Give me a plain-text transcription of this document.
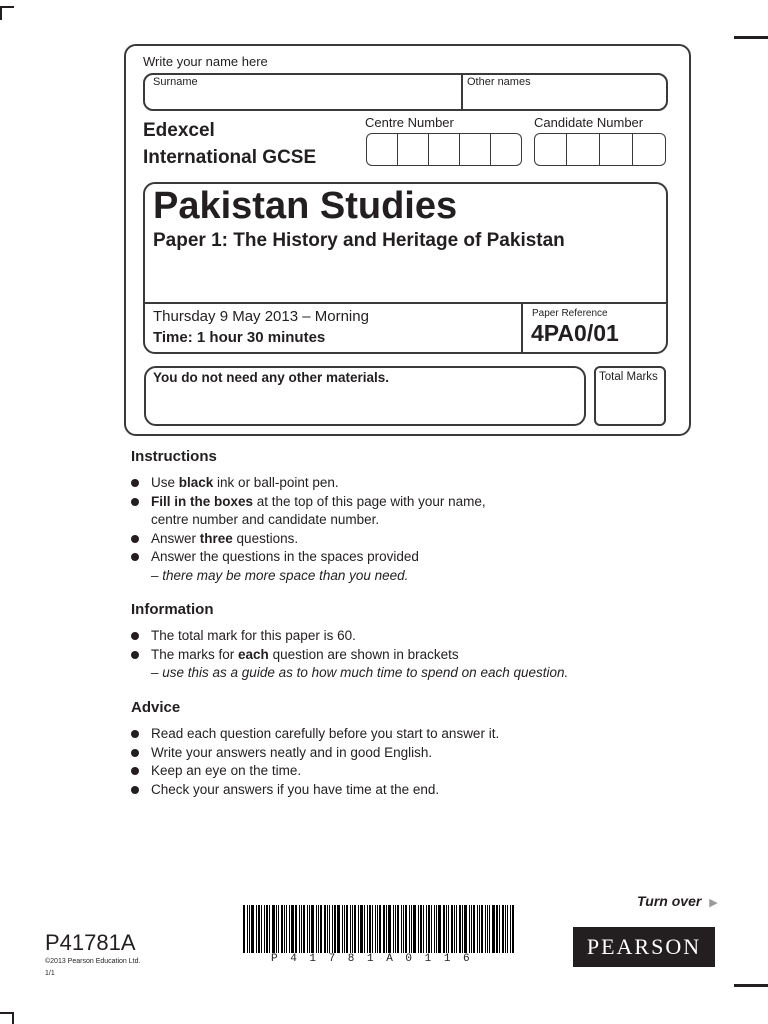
Write your name here
Surname	Other names
Edexcel
International GCSE
Centre Number	Candidate Number
Pakistan Studies
Paper 1: The History and Heritage of Pakistan
Thursday 9 May 2013 – Morning
Time: 1 hour 30 minutes
Paper Reference
4PA0/01
You do not need any other materials.	Total Marks
Instructions
Use black ink or ball-point pen.
Fill in the boxes at the top of this page with your name,
centre number and candidate number.
Answer three questions.
Answer the questions in the spaces provided
– there may be more space than you need.
Information
The total mark for this paper is 60.
The marks for each question are shown in brackets
– use this as a guide as to how much time to spend on each question.
Advice
Read each question carefully before you start to answer it.
Write your answers neatly and in good English.
Keep an eye on the time.
Check your answers if you have time at the end.
Turn over ▶
P41781A
©2013 Pearson Education Ltd.
1/1
P 4 1 7 8 1 A 0 1 1 6	PEARSON
